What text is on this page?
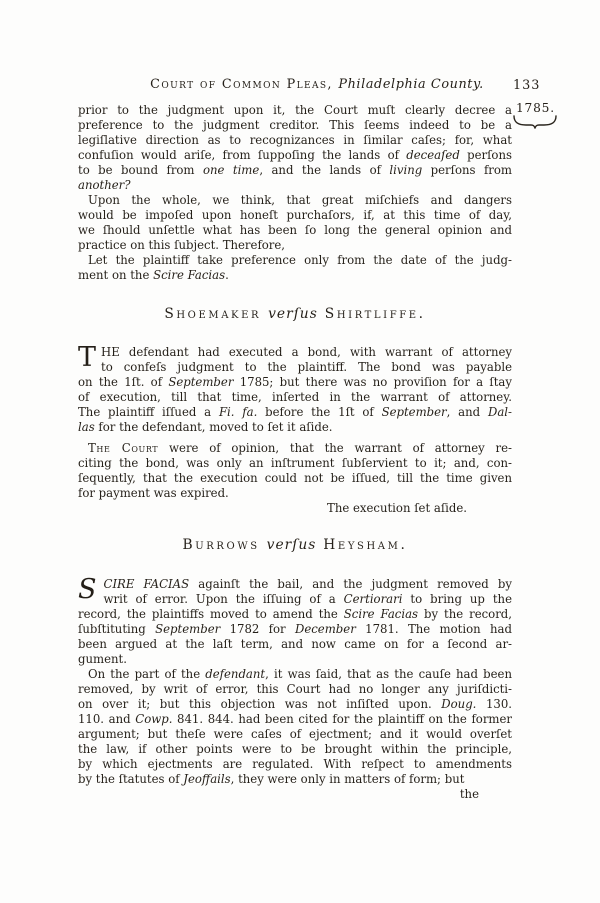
Court of Common Pleas, Philadelphia County.	133
1785.
prior to the judgment upon it, the Court muſt clearly decree a
preference to the judgment creditor. This ſeems indeed to be a
legiſlative direction as to recognizances in ſimilar caſes; for, what
confuſion would ariſe, from ſuppoſing the lands of deceaſed perſons
to be bound from one time, and the lands of living perſons from
another?
Upon the whole, we think, that great miſchiefs and dangers
would be impoſed upon honeſt purchaſors, if, at this time of day,
we ſhould unſettle what has been ſo long the general opinion and
practice on this ſubject. Therefore,
Let the plaintiff take preference only from the date of the judg-
ment on the Scire Facias.
Shoemaker verſus Shirtliffe.
T HE defendant had executed a bond, with warrant of attorney
to confeſs judgment to the plaintiff. The bond was payable
on the 1ſt. of September 1785; but there was no proviſion for a ſtay
of execution, till that time, inſerted in the warrant of attorney.
The plaintiff iſſued a Fi. fa. before the 1ſt of September, and Dal-
las for the defendant, moved to ſet it aſide.
The Court were of opinion, that the warrant of attorney re-
citing the bond, was only an inſtrument ſubſervient to it; and, con-
ſequently, that the execution could not be iſſued, till the time given
for payment was expired.
The execution ſet aſide.
Burrows verſus Heysham.
S CIRE FACIAS againſt the bail, and the judgment removed by
writ of error. Upon the iſſuing of a Certiorari to bring up the
record, the plaintiffs moved to amend the Scire Facias by the record,
ſubſtituting September 1782 for December 1781. The motion had
been argued at the laſt term, and now came on for a ſecond ar-
gument.
On the part of the defendant, it was ſaid, that as the cauſe had been
removed, by writ of error, this Court had no longer any juriſdicti-
on over it; but this objection was not inſiſted upon. Doug. 130.
110. and Cowp. 841. 844. had been cited for the plaintiff on the former
argument; but theſe were caſes of ejectment; and it would overſet
the law, if other points were to be brought within the principle,
by which ejectments are regulated. With reſpect to amendments
by the ſtatutes of Jeoffails, they were only in matters of form; but
the
